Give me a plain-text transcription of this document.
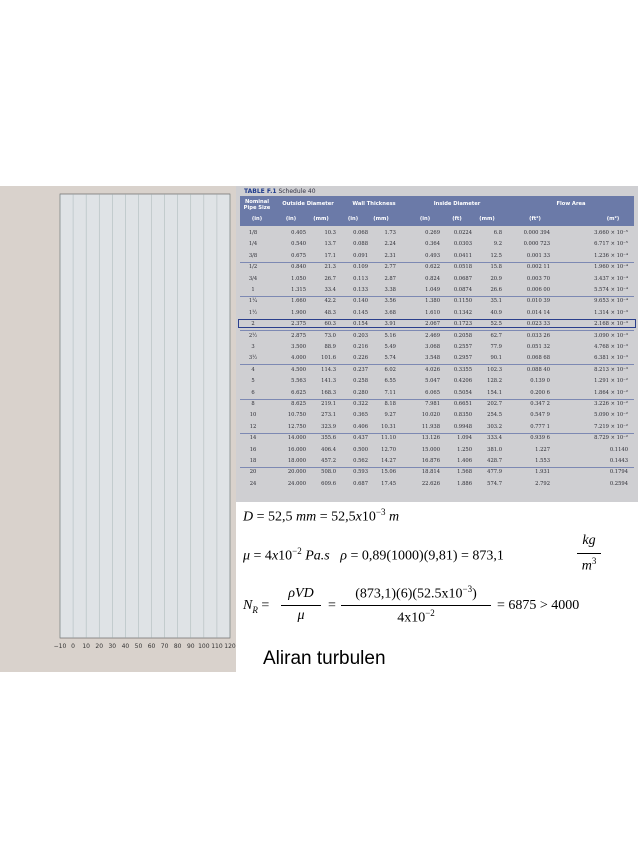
−10 0 10 20 30 40 50 60 70 80 90 100 110 120
TABLE F.1 Schedule 40
Nominal Pipe Size
Outside Diameter	Wall Thickness	Inside Diameter	Flow Area
(in)	(in)	(mm)	(in)	(mm)	(in)	(ft)	(mm)	(ft²)	(m²)
1/8	0.405	10.3	0.068	1.73	0.269	0.0224	6.8	0.000 394	3.660 × 10⁻⁵
1/4	0.540	13.7	0.088	2.24	0.364	0.0303	9.2	0.000 723	6.717 × 10⁻⁵
3/8	0.675	17.1	0.091	2.31	0.493	0.0411	12.5	0.001 33	1.236 × 10⁻⁴
1/2	0.840	21.3	0.109	2.77	0.622	0.0518	15.8	0.002 11	1.960 × 10⁻⁴
3/4	1.050	26.7	0.113	2.87	0.824	0.0687	20.9	0.003 70	3.437 × 10⁻⁴
1	1.315	33.4	0.133	3.38	1.049	0.0874	26.6	0.006 00	5.574 × 10⁻⁴
1¼	1.660	42.2	0.140	3.56	1.380	0.1150	35.1	0.010 39	9.653 × 10⁻⁴
1½	1.900	48.3	0.145	3.68	1.610	0.1342	40.9	0.014 14	1.314 × 10⁻³
2	2.375	60.3	0.154	3.91	2.067	0.1723	52.5	0.023 33	2.168 × 10⁻³
2½	2.875	73.0	0.203	5.16	2.469	0.2058	62.7	0.033 26	3.090 × 10⁻³
3	3.500	88.9	0.216	5.49	3.068	0.2557	77.9	0.051 32	4.768 × 10⁻³
3½	4.000	101.6	0.226	5.74	3.548	0.2957	90.1	0.068 68	6.381 × 10⁻³
4	4.500	114.3	0.237	6.02	4.026	0.3355	102.3	0.088 40	8.213 × 10⁻³
5	5.563	141.3	0.258	6.55	5.047	0.4206	128.2	0.139 0	1.291 × 10⁻²
6	6.625	168.3	0.280	7.11	6.065	0.5054	154.1	0.200 6	1.864 × 10⁻²
8	8.625	219.1	0.322	8.18	7.981	0.6651	202.7	0.347 2	3.226 × 10⁻²
10	10.750	273.1	0.365	9.27	10.020	0.8350	254.5	0.547 9	5.090 × 10⁻²
12	12.750	323.9	0.406	10.31	11.938	0.9948	303.2	0.777 1	7.219 × 10⁻²
14	14.000	355.6	0.437	11.10	13.126	1.094	333.4	0.939 6	8.729 × 10⁻²
16	16.000	406.4	0.500	12.70	15.000	1.250	381.0	1.227	0.1140
18	18.000	457.2	0.562	14.27	16.876	1.406	428.7	1.553	0.1443
20	20.000	508.0	0.593	15.06	18.814	1.568	477.9	1.931	0.1794
24	24.000	609.6	0.687	17.45	22.626	1.886	574.7	2.792	0.2594
D = 52,5 mm = $52,5x10^{-3}$ m
$\mu = 4x10^{-2}$ Pa.s ρ = 0,89(1000)(9,81) = 873,1
kg
$m^3$
$N_R$ =
ρVD
μ
=
$(873,1)(6)(52.5x10^{-3})$
$4x10^{-2}$	= 6875 > 4000
Aliran turbulen
